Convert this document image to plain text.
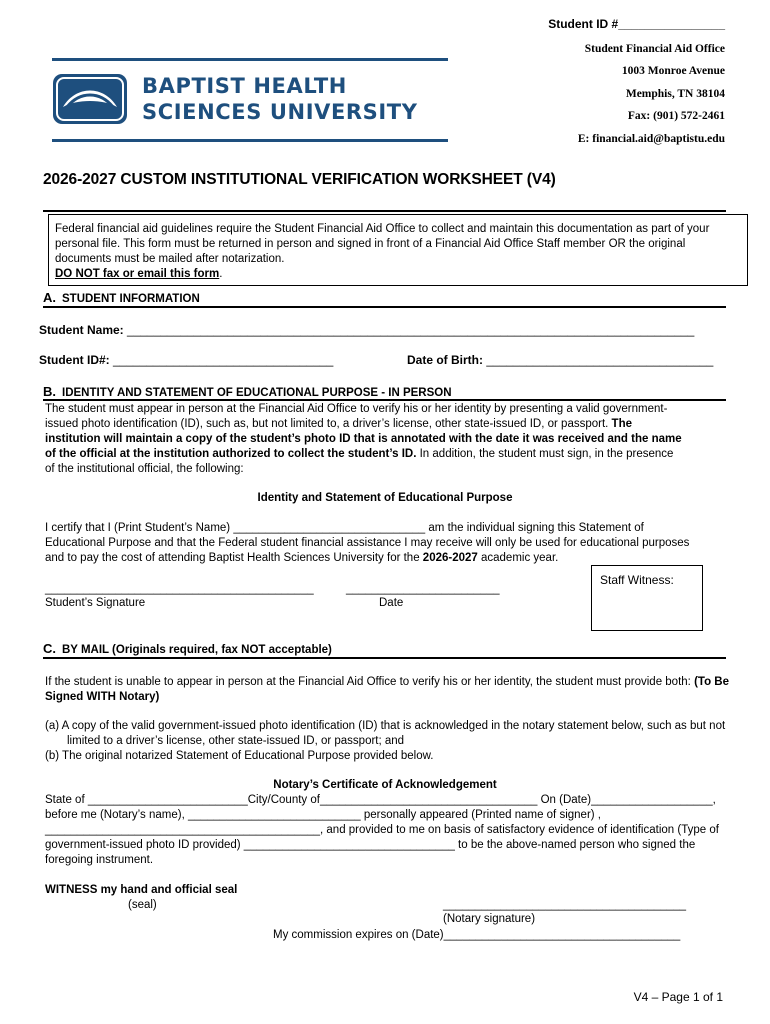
Student ID #________________
Student Financial Aid Office
1003 Monroe Avenue
Memphis, TN 38104
Fax: (901) 572-2461
E: financial.aid@baptistu.edu
BAPTIST HEALTH
SCIENCES UNIVERSITY
2026-2027 CUSTOM INSTITUTIONAL VERIFICATION WORKSHEET (V4)
Federal financial aid guidelines require the Student Financial Aid Office to collect and maintain this documentation as part of your personal file. This form must be returned in person and signed in front of a Financial Aid Office Staff member OR the original documents must be mailed after notarization.
DO NOT fax or email this form.
A. STUDENT INFORMATION
Student Name: _____________________________________________________________________________________
Student ID#: _________________________________	Date of Birth: __________________________________
B. IDENTITY AND STATEMENT OF EDUCATIONAL PURPOSE - IN PERSON
The student must appear in person at the Financial Aid Office to verify his or her identity by presenting a valid government-issued photo identification (ID), such as, but not limited to, a driver’s license, other state-issued ID, or passport. The institution will maintain a copy of the student’s photo ID that is annotated with the date it was received and the name of the official at the institution authorized to collect the student’s ID. In addition, the student must sign, in the presence of the institutional official, the following:
Identity and Statement of Educational Purpose
I certify that I (Print Student’s Name) ______________________________ am the individual signing this Statement of Educational Purpose and that the Federal student financial assistance I may receive will only be used for educational purposes and to pay the cost of attending Baptist Health Sciences University for the 2026-2027 academic year.
__________________________________________	________________________
Student’s Signature	Date
Staff Witness:
C. BY MAIL (Originals required, fax NOT acceptable)
If the student is unable to appear in person at the Financial Aid Office to verify his or her identity, the student must provide both: (To Be Signed WITH Notary)
(a) A copy of the valid government-issued photo identification (ID) that is acknowledged in the notary statement below, such as but not limited to a driver’s license, other state-issued ID, or passport; and
(b) The original notarized Statement of Educational Purpose provided below.
Notary’s Certificate of Acknowledgement
State of _________________________City/County of__________________________________ On (Date)___________________, before me (Notary’s name), ___________________________ personally appeared (Printed name of signer) , ___________________________________________, and provided to me on basis of satisfactory evidence of identification (Type of government-issued photo ID provided) _________________________________ to be the above-named person who signed the foregoing instrument.
WITNESS my hand and official seal
(seal)	______________________________________
(Notary signature)
My commission expires on (Date)_____________________________________
V4 – Page 1 of 1
